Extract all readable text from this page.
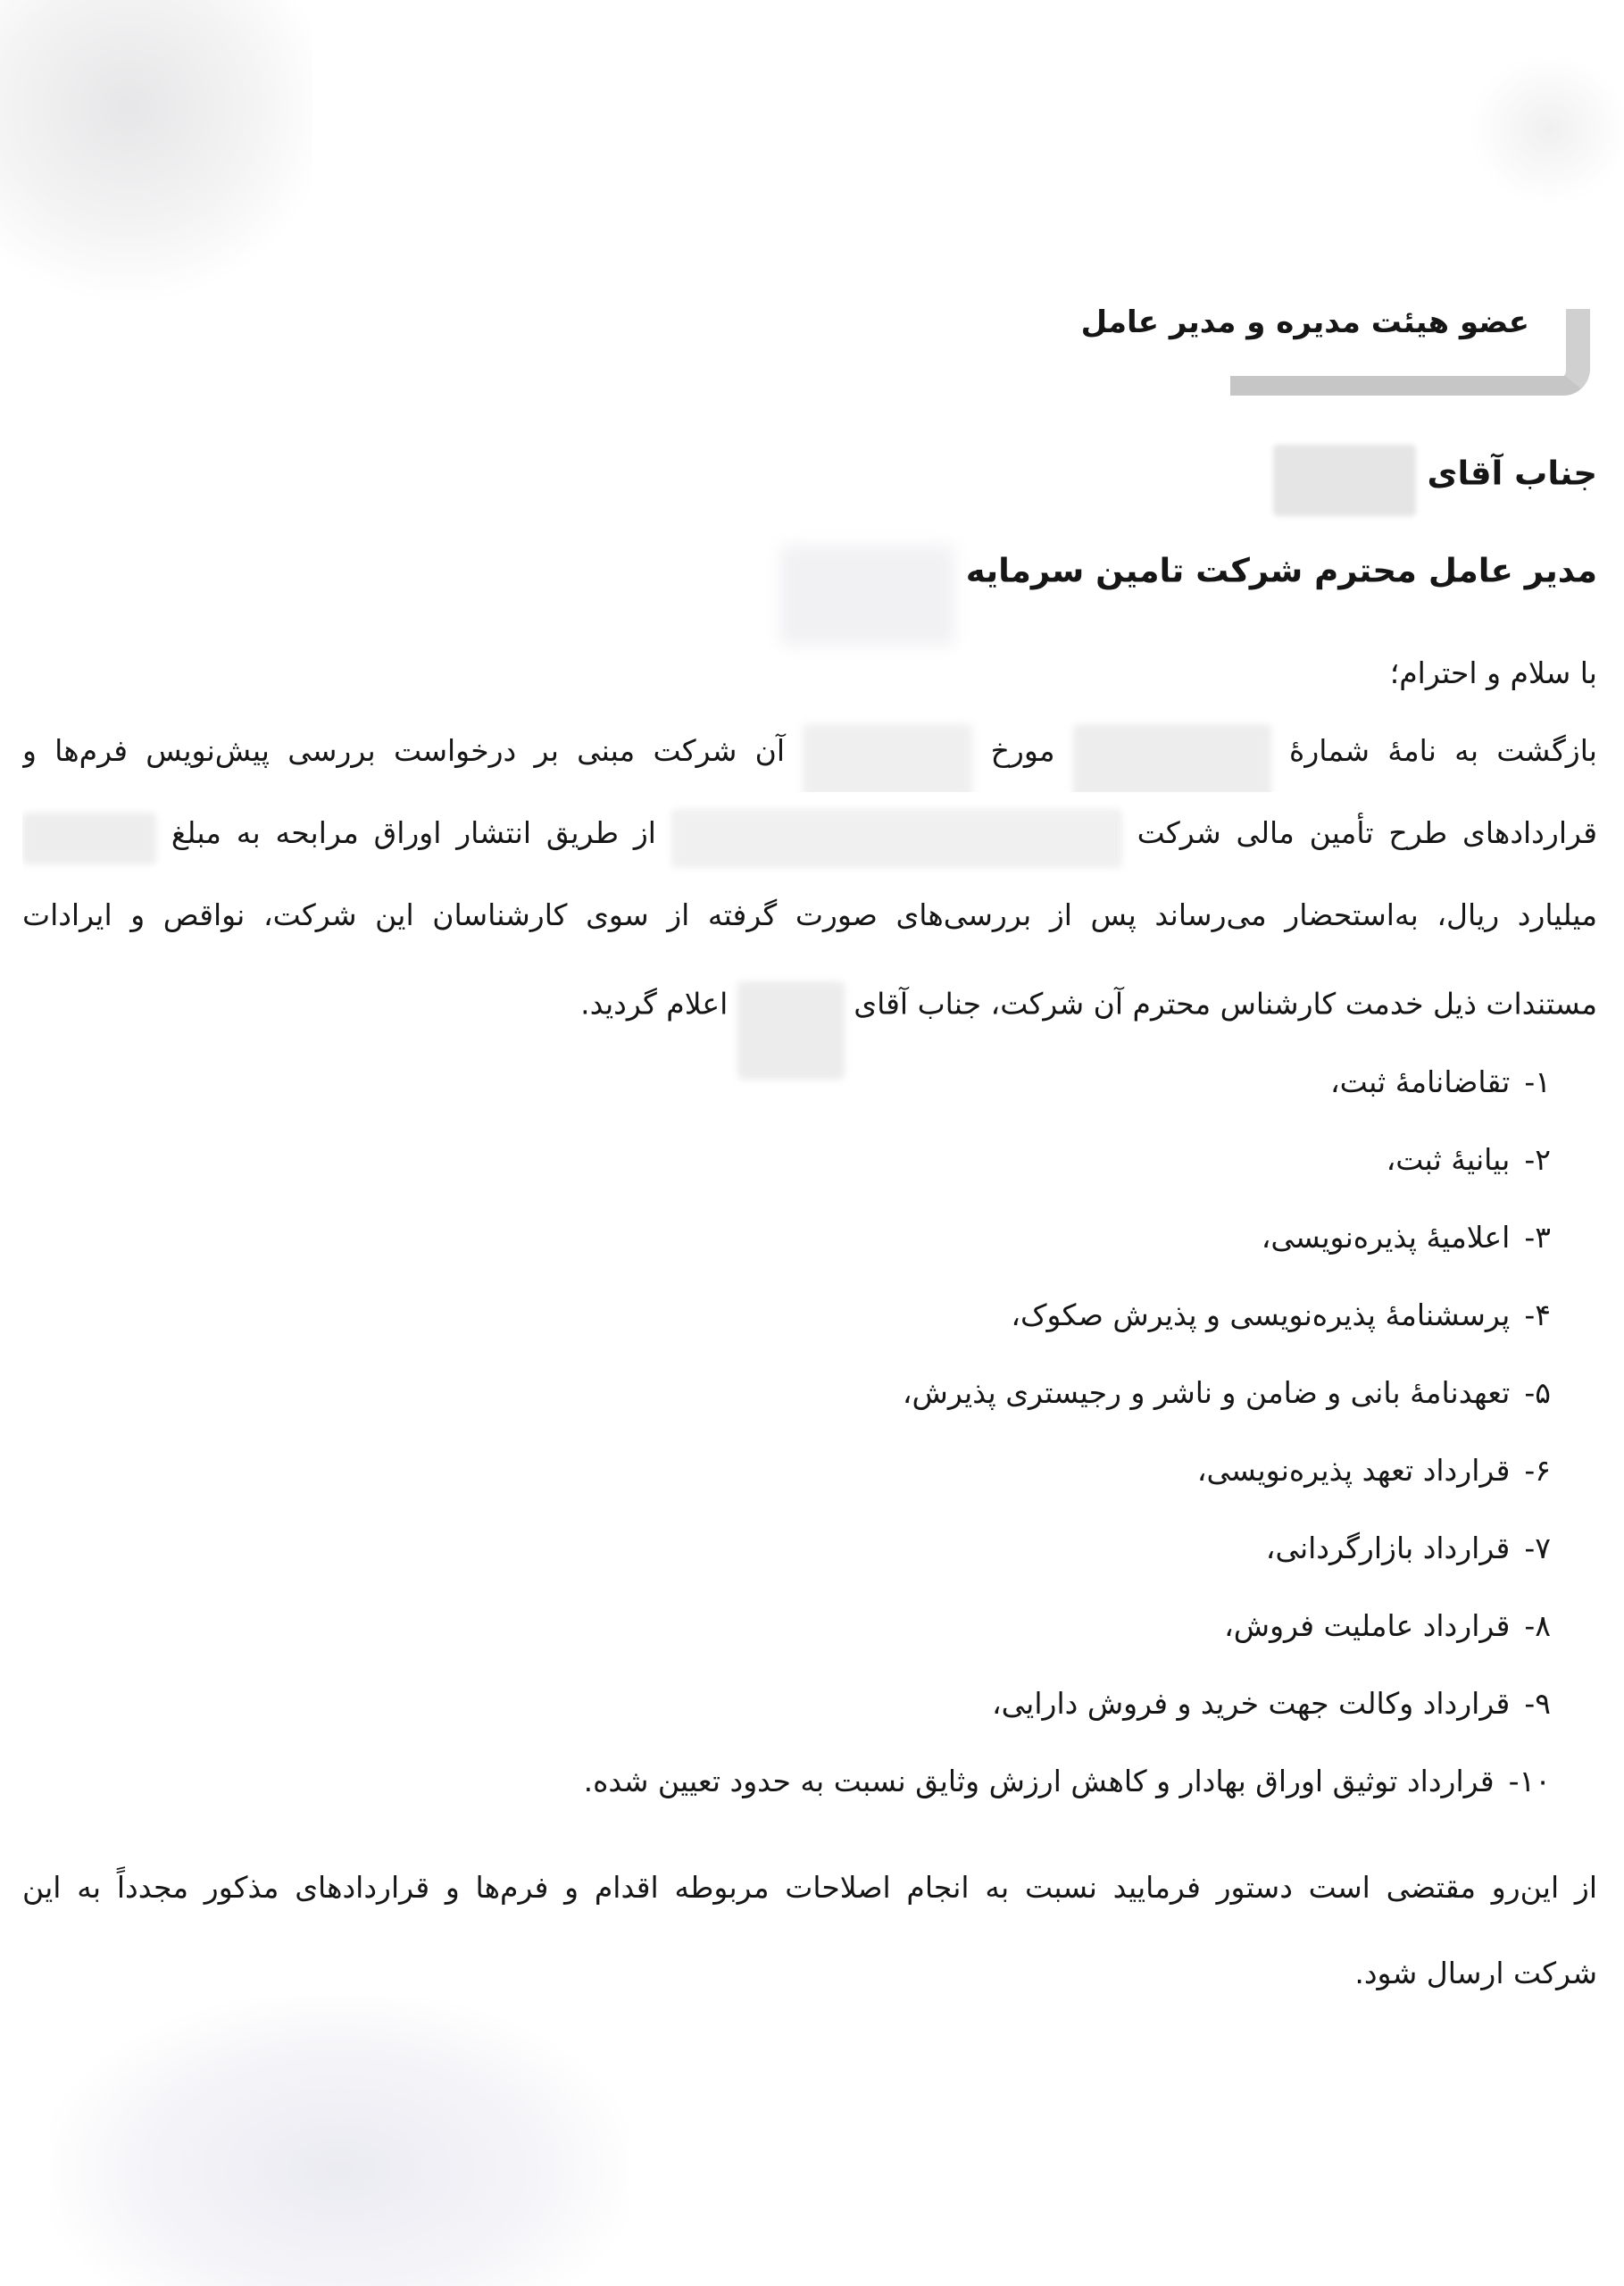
عضو هیئت مدیره و مدیر عامل
جناب آقای
مدیر عامل محترم شرکت تامین سرمایه
با سلام و احترام؛
بازگشت به نامۀ شمارۀ  مورخ  آن شرکت مبنی بر درخواست بررسی پیش‌نویس فرم‌ها و
قراردادهای طرح تأمین مالی شرکت  از طریق انتشار اوراق مرابحه به مبلغ
میلیارد ریال، به‌استحضار می‌رساند پس از بررسی‌های صورت گرفته از سوی کارشناسان این شرکت، نواقص و ایرادات
مستندات ذیل خدمت کارشناس محترم آن شرکت، جناب آقای  اعلام گردید.
۱-تقاضانامۀ ثبت،
۲-بیانیۀ ثبت،
۳-اعلامیۀ پذیره‌نویسی،
۴-پرسشنامۀ پذیره‌نویسی و پذیرش صکوک،
۵-تعهدنامۀ بانی و ضامن و ناشر و رجیستری پذیرش،
۶-قرارداد تعهد پذیره‌نویسی،
۷-قرارداد بازارگردانی،
۸-قرارداد عاملیت فروش،
۹-قرارداد وکالت جهت خرید و فروش دارایی،
۱۰-قرارداد توثیق اوراق بهادار و کاهش ارزش وثایق نسبت به حدود تعیین شده.
از این‌رو مقتضی است دستور فرمایید نسبت به انجام اصلاحات مربوطه اقدام و فرم‌ها و قراردادهای مذکور مجدداً به این
شرکت ارسال شود.
